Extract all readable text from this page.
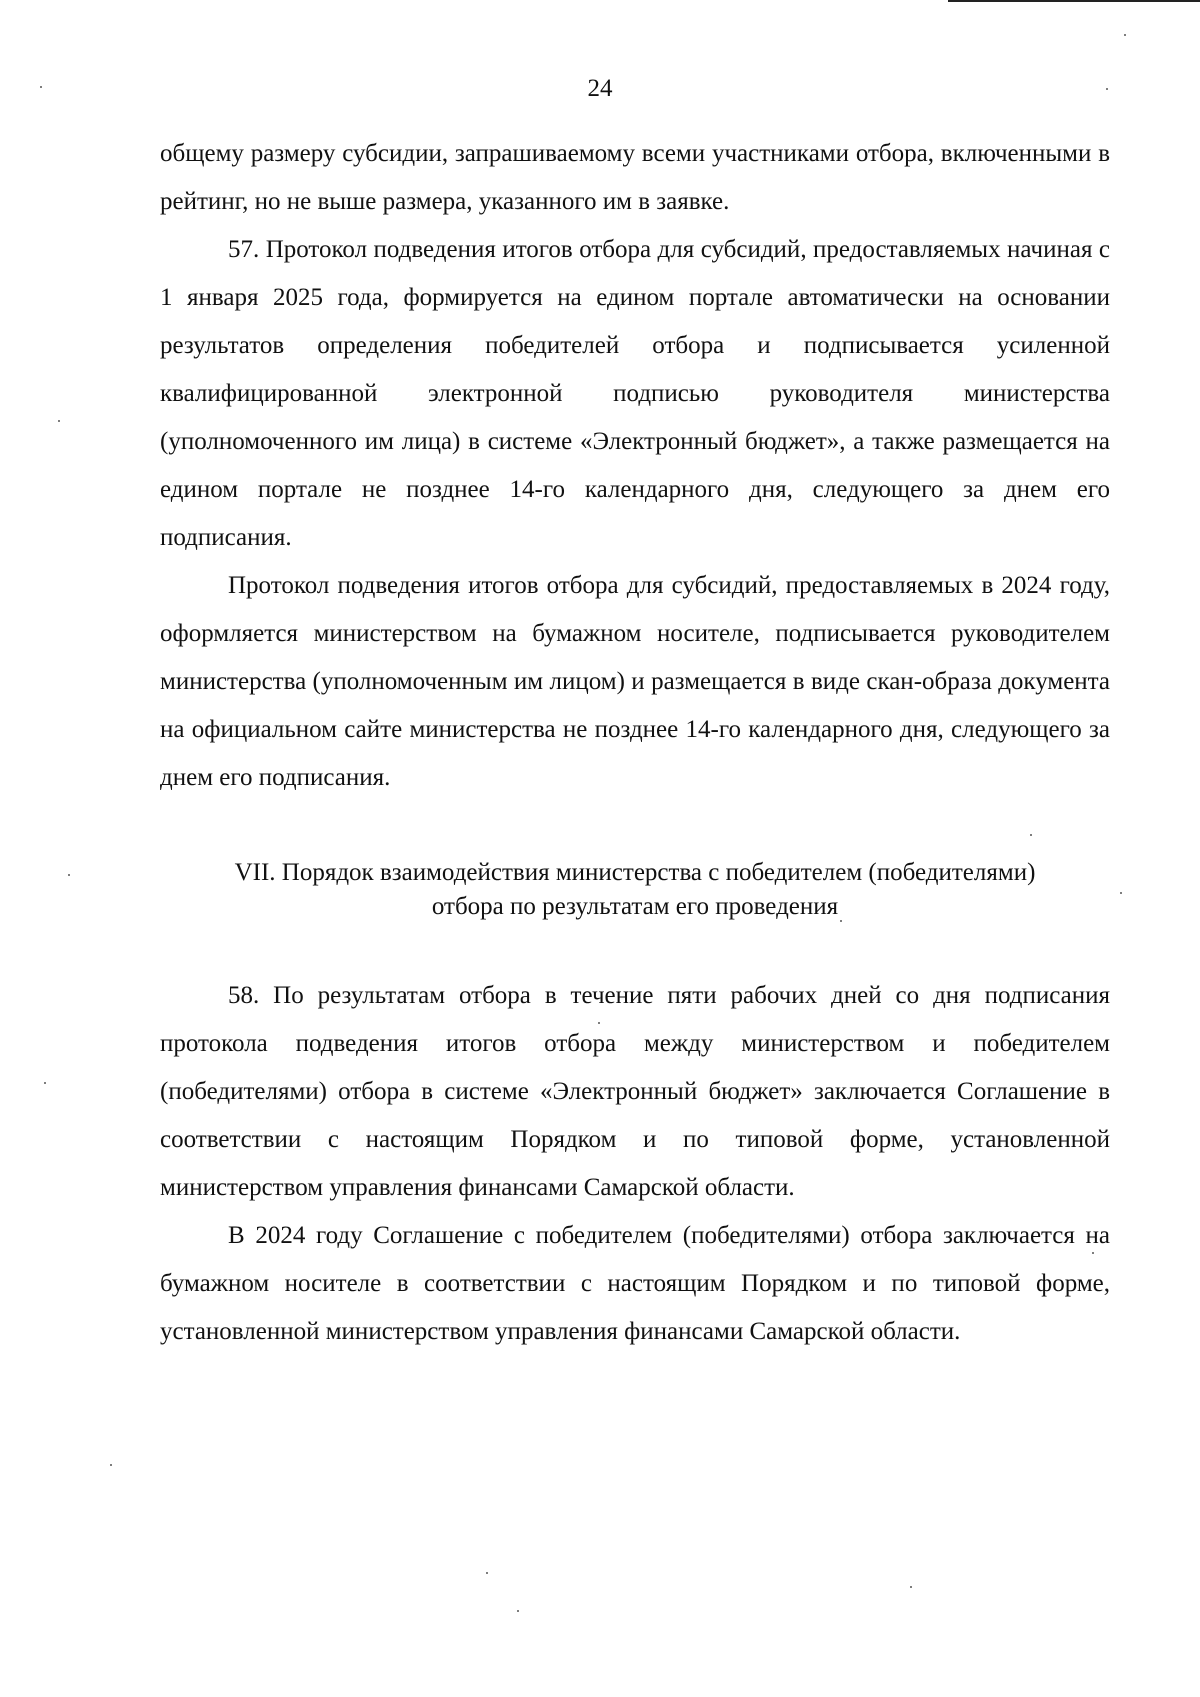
24

общему размеру субсидии, запрашиваемому всеми участниками отбора, включенными в рейтинг, но не выше размера, указанного им в заявке.

57. Протокол подведения итогов отбора для субсидий, предоставляемых начиная с 1 января 2025 года, формируется на едином портале автоматически на основании результатов определения победителей отбора и подписывается усиленной квалифицированной электронной подписью руководителя министерства (уполномоченного им лица) в системе «Электронный бюджет», а также размещается на едином портале не позднее 14-го календарного дня, следующего за днем его подписания.

Протокол подведения итогов отбора для субсидий, предоставляемых в 2024 году, оформляется министерством на бумажном носителе, подписывается руководителем министерства (уполномоченным им лицом) и размещается в виде скан-образа документа на официальном сайте министерства не позднее 14-го календарного дня, следующего за днем его подписания.

VII. Порядок взаимодействия министерства с победителем (победителями)
отбора по результатам его проведения

58. По результатам отбора в течение пяти рабочих дней со дня подписания протокола подведения итогов отбора между министерством и победителем (победителями) отбора в системе «Электронный бюджет» заключается Соглашение в соответствии с настоящим Порядком и по типовой форме, установленной министерством управления финансами Самарской области.

В 2024 году Соглашение с победителем (победителями) отбора заключается на бумажном носителе в соответствии с настоящим Порядком и по типовой форме, установленной министерством управления финансами Самарской области.
